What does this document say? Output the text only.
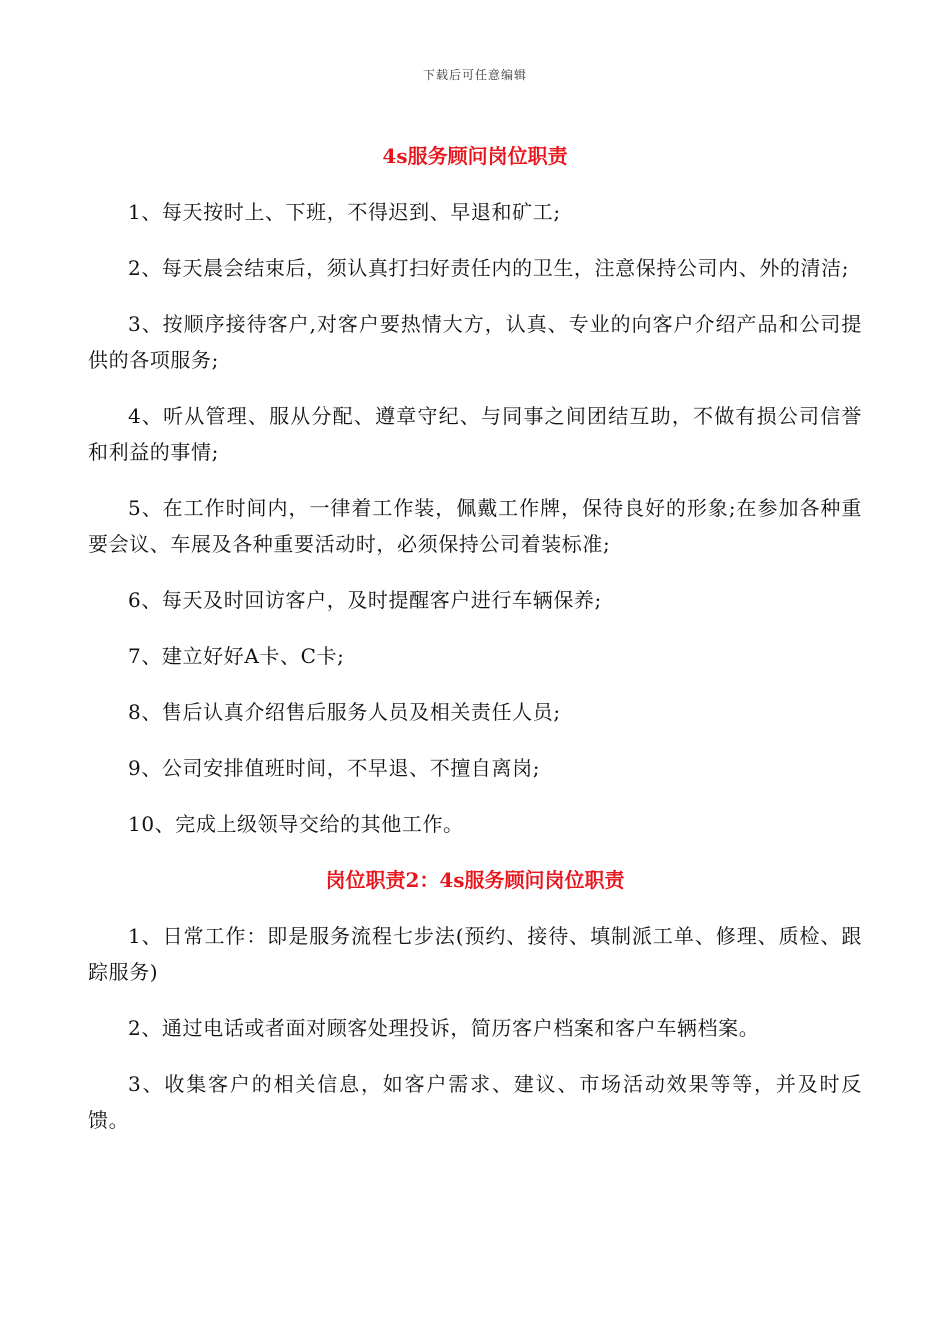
下载后可任意编辑
4s服务顾问岗位职责

1、每天按时上、下班，不得迟到、早退和矿工;

2、每天晨会结束后，须认真打扫好责任内的卫生，注意保持公司内、外的清洁;

3、按顺序接待客户,对客户要热情大方，认真、专业的向客户介绍产品和公司提供的各项服务;

4、听从管理、服从分配、遵章守纪、与同事之间团结互助，不做有损公司信誉和利益的事情;

5、在工作时间内，一律着工作装，佩戴工作牌，保待良好的形象;在参加各种重要会议、车展及各种重要活动时，必须保持公司着装标准;

6、每天及时回访客户，及时提醒客户进行车辆保养;

7、建立好好A卡、C卡;

8、售后认真介绍售后服务人员及相关责任人员;

9、公司安排值班时间，不早退、不擅自离岗;

10、完成上级领导交给的其他工作。

岗位职责2：4s服务顾问岗位职责

1、日常工作：即是服务流程七步法(预约、接待、填制派工单、修理、质检、跟踪服务)

2、通过电话或者面对顾客处理投诉，简历客户档案和客户车辆档案。

3、收集客户的相关信息，如客户需求、建议、市场活动效果等等，并及时反馈。
